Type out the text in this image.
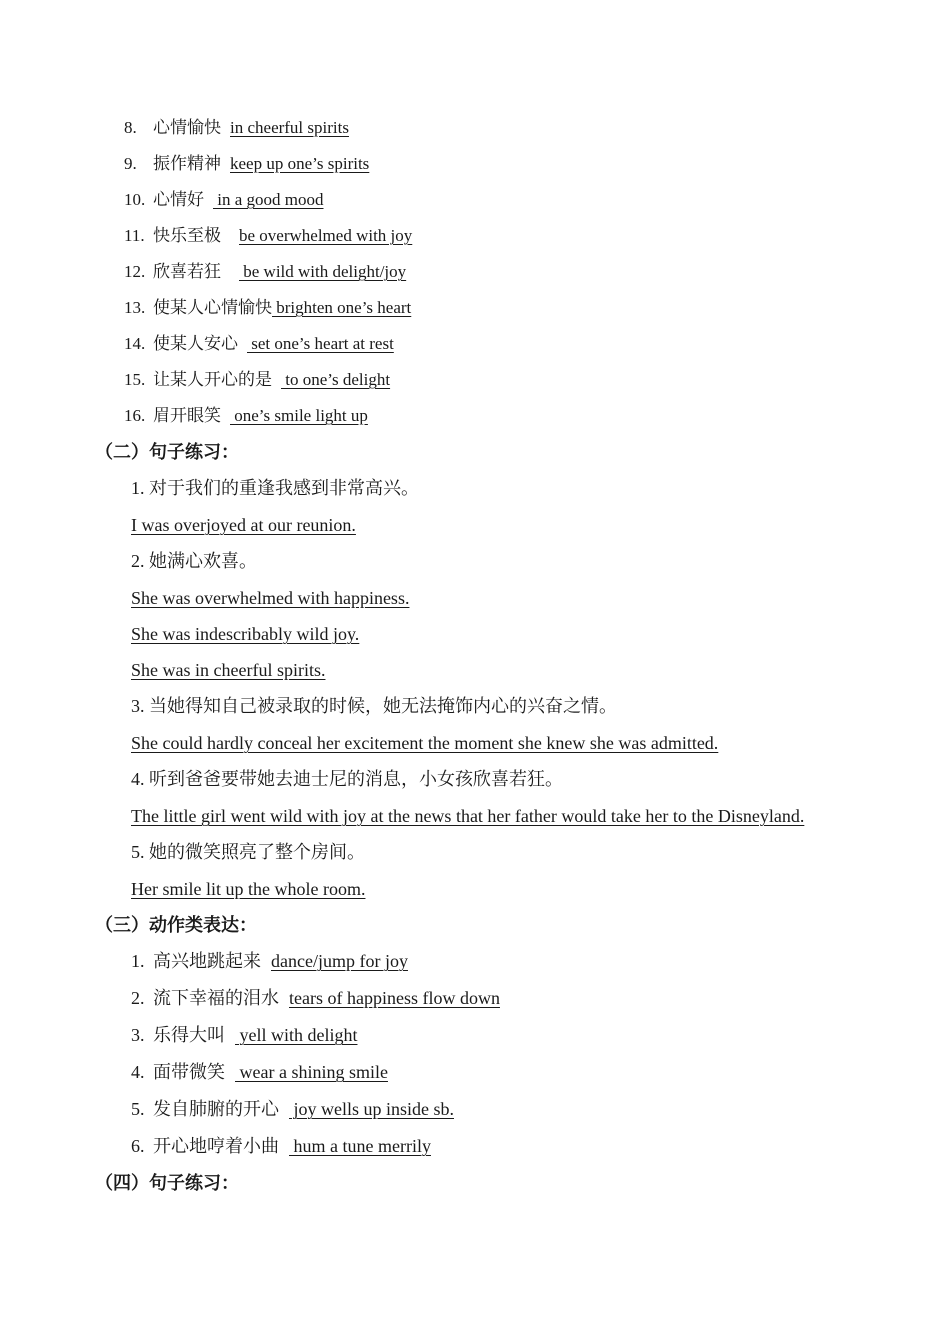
8. 心情愉快 in cheerful spirits
9. 振作精神 keep up one’s spirits
10. 心情好 in a good mood
11. 快乐至极 be overwhelmed with joy
12. 欣喜若狂 be wild with delight/joy
13. 使某人心情愉快 brighten one’s heart
14. 使某人安心 set one’s heart at rest
15. 让某人开心的是 to one’s delight
16. 眉开眼笑 one’s smile light up
（二）句子练习：
1. 对于我们的重逢我感到非常高兴。
I was overjoyed at our reunion.
2. 她满心欢喜。
She was overwhelmed with happiness.
She was indescribably wild joy.
She was in cheerful spirits.
3. 当她得知自己被录取的时候，她无法掩饰内心的兴奋之情。
She could hardly conceal her excitement the moment she knew she was admitted.
4. 听到爸爸要带她去迪士尼的消息，小女孩欣喜若狂。
The little girl went wild with joy at the news that her father would take her to the Disneyland.
5. 她的微笑照亮了整个房间。
Her smile lit up the whole room.
（三）动作类表达：
1. 高兴地跳起来 dance/jump for joy
2. 流下幸福的泪水 tears of happiness flow down
3. 乐得大叫 yell with delight
4. 面带微笑 wear a shining smile
5. 发自肺腑的开心 joy wells up inside sb.
6. 开心地哼着小曲 hum a tune merrily
（四）句子练习：
